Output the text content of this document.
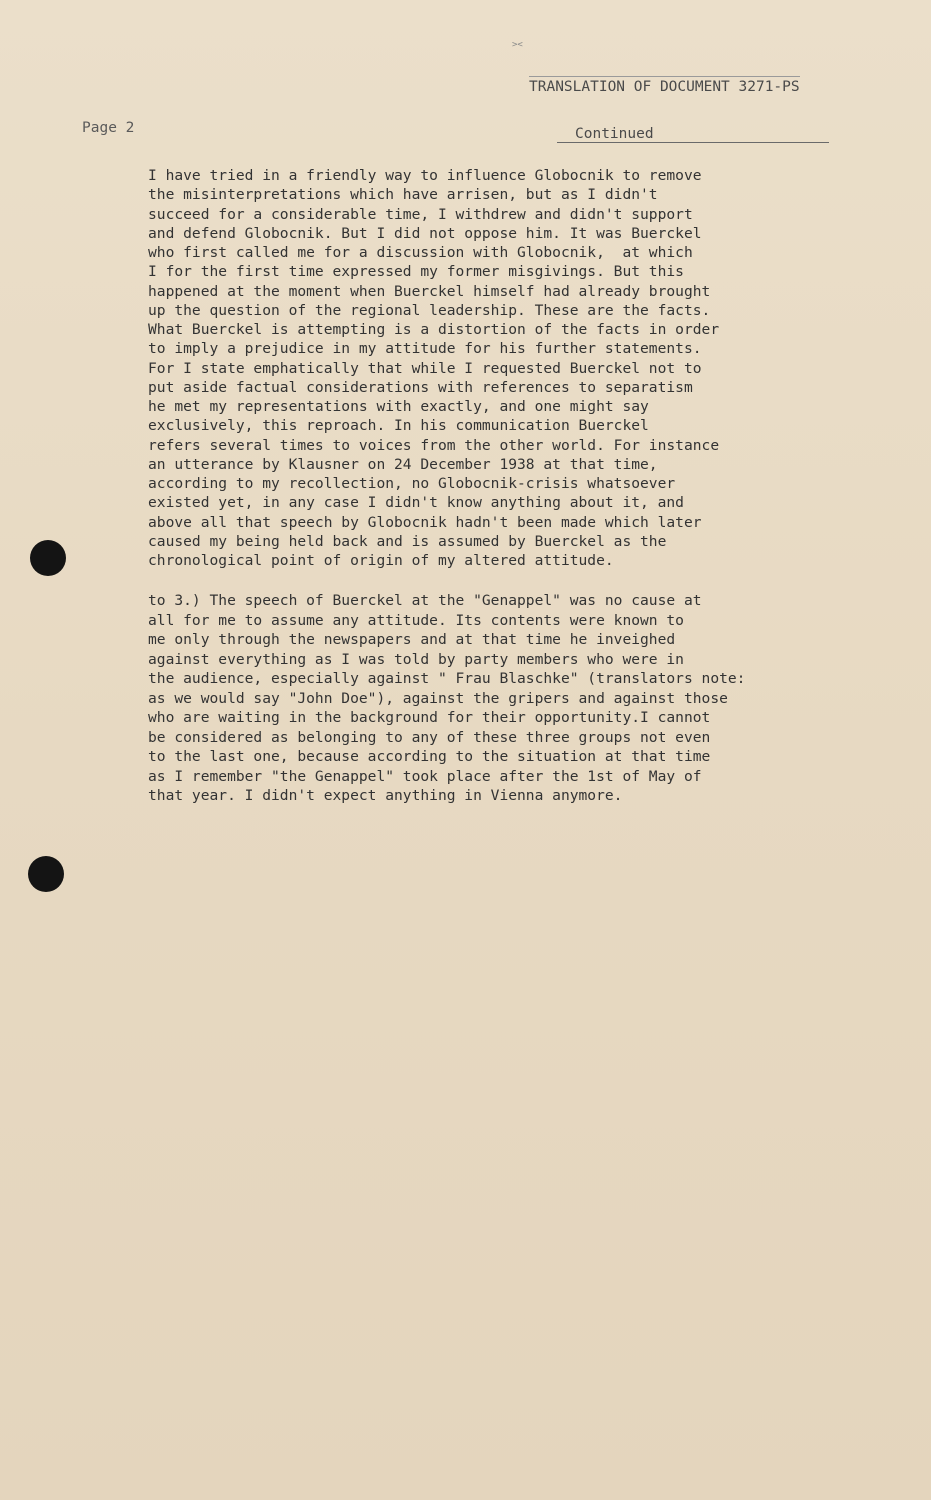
><
TRANSLATION OF DOCUMENT 3271-PS
Page 2	Continued
I have tried in a friendly way to influence Globocnik to remove
the misinterpretations which have arrisen, but as I didn't
succeed for a considerable time, I withdrew and didn't support
and defend Globocnik. But I did not oppose him. It was Buerckel
who first called me for a discussion with Globocnik,  at which
I for the first time expressed my former misgivings. But this
happened at the moment when Buerckel himself had already brought
up the question of the regional leadership. These are the facts.
What Buerckel is attempting is a distortion of the facts in order
to imply a prejudice in my attitude for his further statements.
For I state emphatically that while I requested Buerckel not to
put aside factual considerations with references to separatism
he met my representations with exactly, and one might say
exclusively, this reproach. In his communication Buerckel
refers several times to voices from the other world. For instance
an utterance by Klausner on 24 December 1938 at that time,
according to my recollection, no Globocnik-crisis whatsoever
existed yet, in any case I didn't know anything about it, and
above all that speech by Globocnik hadn't been made which later
caused my being held back and is assumed by Buerckel as the
chronological point of origin of my altered attitude.
to 3.) The speech of Buerckel at the "Genappel" was no cause at
all for me to assume any attitude. Its contents were known to
me only through the newspapers and at that time he inveighed
against everything as I was told by party members who were in
the audience, especially against " Frau Blaschke" (translators note:
as we would say "John Doe"), against the gripers and against those
who are waiting in the background for their opportunity.I cannot
be considered as belonging to any of these three groups not even
to the last one, because according to the situation at that time
as I remember "the Genappel" took place after the 1st of May of
that year. I didn't expect anything in Vienna anymore.
